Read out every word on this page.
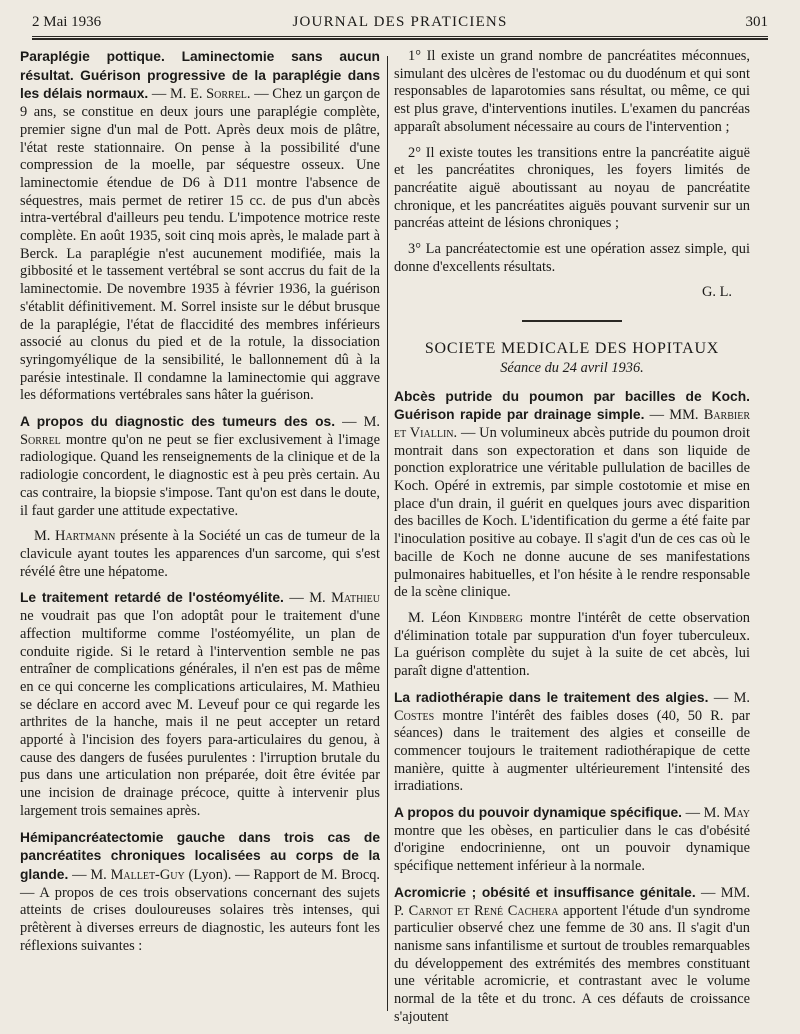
2 Mai 1936	JOURNAL DES PRATICIENS	301

Paraplégie pottique. Laminectomie sans aucun résultat. Guérison progressive de la paraplégie dans les délais normaux. — M. E. Sorrel. — Chez un garçon de 9 ans, se constitue en deux jours une paraplégie complète, premier signe d'un mal de Pott. Après deux mois de plâtre, l'état reste stationnaire. On pense à la possibilité d'une compression de la moelle, par séquestre osseux. Une laminectomie étendue de D6 à D11 montre l'absence de séquestres, mais permet de retirer 15 cc. de pus d'un abcès intra-vertébral d'ailleurs peu tendu. L'impotence motrice reste complète. En août 1935, soit cinq mois après, le malade part à Berck. La paraplégie n'est aucunement modifiée, mais la gibbosité et le tassement vertébral se sont accrus du fait de la laminectomie. De novembre 1935 à février 1936, la guérison s'établit définitivement. M. Sorrel insiste sur le début brusque de la paraplégie, l'état de flaccidité des membres inférieurs associé au clonus du pied et de la rotule, la dissociation syringomyélique de la sensibilité, le ballonnement dû à la parésie intestinale. Il condamne la laminectomie qui aggrave les déformations vertébrales sans hâter la guérison.

A propos du diagnostic des tumeurs des os. — M. Sorrel montre qu'on ne peut se fier exclusivement à l'image radiologique. Quand les renseignements de la clinique et de la radiologie concordent, le diagnostic est à peu près certain. Au cas contraire, la biopsie s'impose. Tant qu'on est dans le doute, il faut garder une attitude expectative.

M. Hartmann présente à la Société un cas de tumeur de la clavicule ayant toutes les apparences d'un sarcome, qui s'est révélé être une hépatome.

Le traitement retardé de l'ostéomyélite. — M. Mathieu ne voudrait pas que l'on adoptât pour le traitement d'une affection multiforme comme l'ostéomyélite, un plan de conduite rigide. Si le retard à l'intervention semble ne pas entraîner de complications générales, il n'en est pas de même en ce qui concerne les complications articulaires, M. Mathieu se déclare en accord avec M. Leveuf pour ce qui regarde les arthrites de la hanche, mais il ne peut accepter un retard apporté à l'incision des foyers para-articulaires du genou, à cause des dangers de fusées purulentes : l'irruption brutale du pus dans une articulation non préparée, doit être évitée par une incision de drainage précoce, quitte à intervenir plus largement trois semaines après.

Hémipancréatectomie gauche dans trois cas de pancréatites chroniques localisées au corps de la glande. — M. Mallet-Guy (Lyon). — Rapport de M. Brocq. — A propos de ces trois observations concernant des sujets atteints de crises douloureuses solaires très intenses, qui prêtèrent à diverses erreurs de diagnostic, les auteurs font les réflexions suivantes :

1° Il existe un grand nombre de pancréatites méconnues, simulant des ulcères de l'estomac ou du duodénum et qui sont responsables de laparotomies sans résultat, ou même, ce qui est plus grave, d'interventions inutiles. L'examen du pancréas apparaît absolument nécessaire au cours de l'intervention ;

2° Il existe toutes les transitions entre la pancréatite aiguë et les pancréatites chroniques, les foyers limités de pancréatite aiguë aboutissant au noyau de pancréatite chronique, et les pancréatites aiguës pouvant survenir sur un pancréas atteint de lésions chroniques ;

3° La pancréatectomie est une opération assez simple, qui donne d'excellents résultats.

G. L.

SOCIETE MEDICALE DES HOPITAUX

Séance du 24 avril 1936.

Abcès putride du poumon par bacilles de Koch. Guérison rapide par drainage simple. — MM. Barbier et Viallin. — Un volumineux abcès putride du poumon droit montrait dans son expectoration et dans son liquide de ponction exploratrice une véritable pullulation de bacilles de Koch. Opéré in extremis, par simple costotomie et mise en place d'un drain, il guérit en quelques jours avec disparition des bacilles de Koch. L'identification du germe a été faite par l'inoculation positive au cobaye. Il s'agit d'un de ces cas où le bacille de Koch ne donne aucune de ses manifestations pulmonaires habituelles, et l'on hésite à le rendre responsable de la scène clinique.

M. Léon Kindberg montre l'intérêt de cette observation d'élimination totale par suppuration d'un foyer tuberculeux. La guérison complète du sujet à la suite de cet abcès, lui paraît digne d'attention.

La radiothérapie dans le traitement des algies. — M. Costes montre l'intérêt des faibles doses (40, 50 R. par séances) dans le traitement des algies et conseille de commencer toujours le traitement radiothérapique de cette manière, quitte à augmenter ultérieurement l'intensité des irradiations.

A propos du pouvoir dynamique spécifique. — M. May montre que les obèses, en particulier dans le cas d'obésité d'origine endocrinienne, ont un pouvoir dynamique spécifique nettement inférieur à la normale.

Acromicrie ; obésité et insuffisance génitale. — MM. P. Carnot et René Cachera apportent l'étude d'un syndrome particulier observé chez une femme de 30 ans. Il s'agit d'un nanisme sans infantilisme et surtout de troubles remarquables du développement des extrémités des membres constituant une véritable acromicrie, et contrastant avec le volume normal de la tête et du tronc. A ces défauts de croissance s'ajoutent
